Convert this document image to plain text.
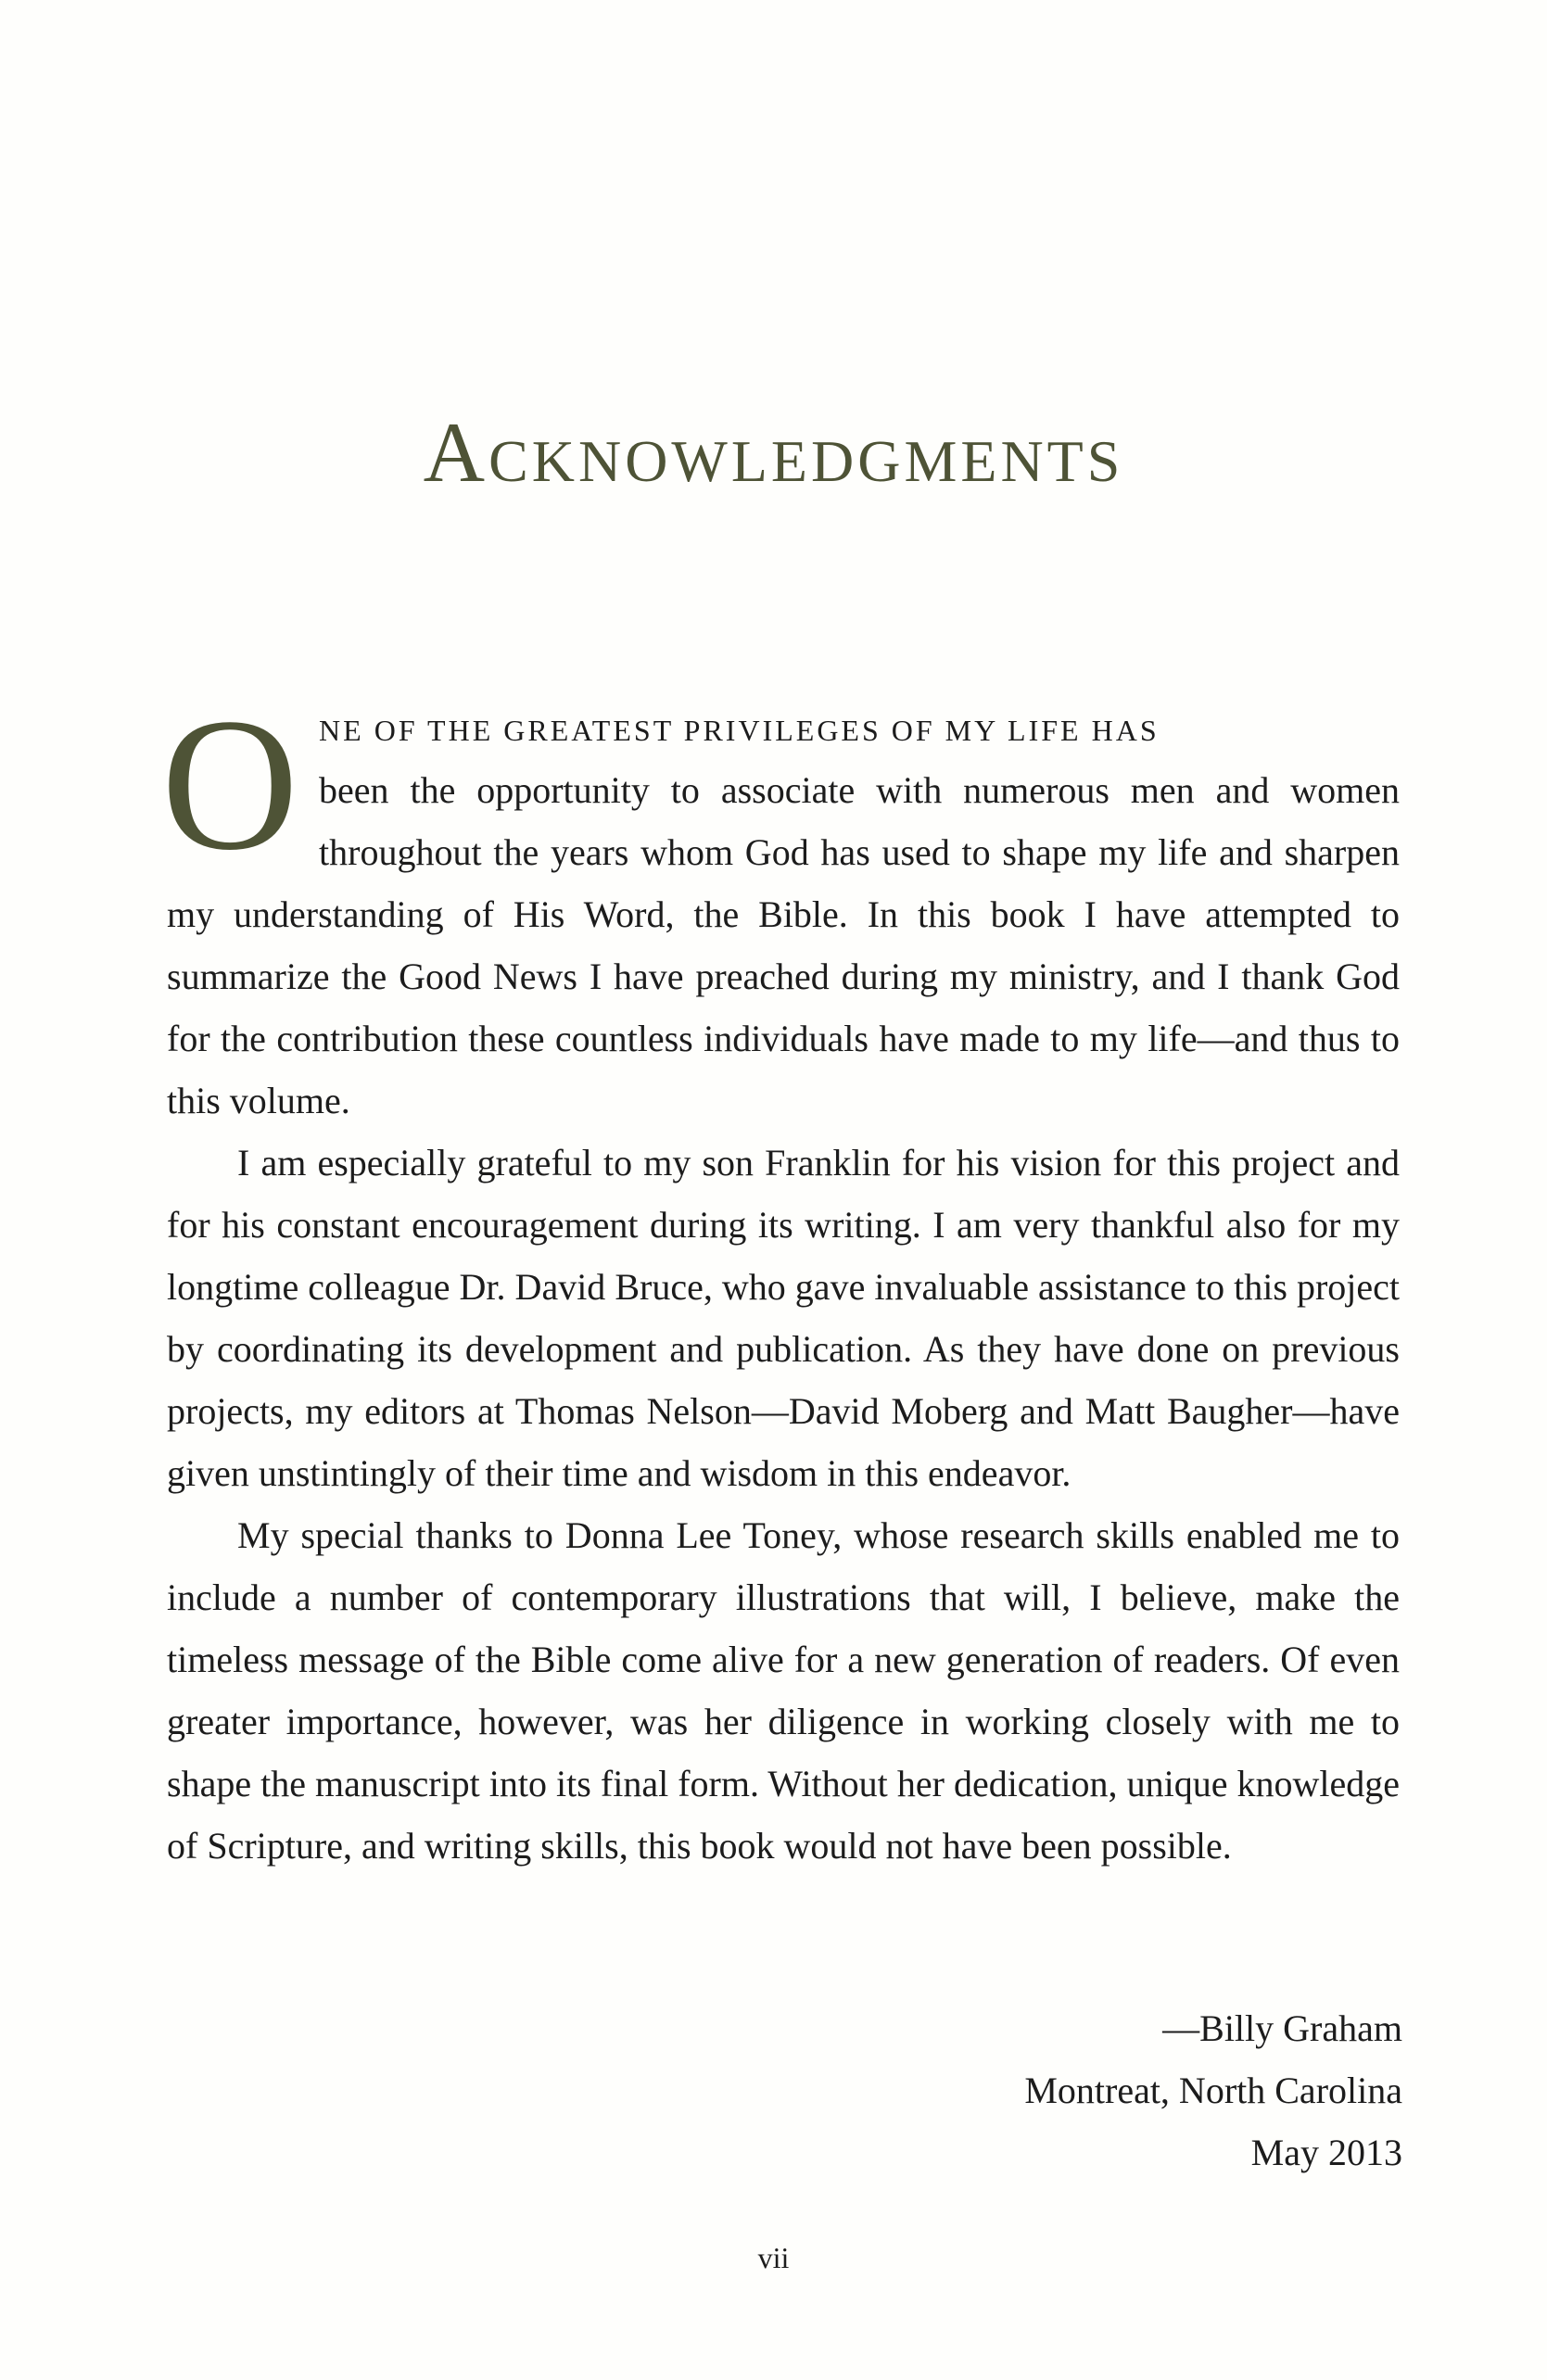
Acknowledgments
O NE OF THE GREATEST PRIVILEGES OF MY LIFE HAS

been the opportunity to associate with numerous men and women throughout the years whom God has used to shape my life and sharpen my understanding of His Word, the Bible. In this book I have attempted to summarize the Good News I have preached during my ministry, and I thank God for the contribution these countless individuals have made to my life—and thus to this volume.

I am especially grateful to my son Franklin for his vision for this project and for his constant encouragement during its writing. I am very thankful also for my longtime colleague Dr. David Bruce, who gave invaluable assistance to this project by coordinating its development and publication. As they have done on previous projects, my editors at Thomas Nelson—David Moberg and Matt Baugher—have given unstintingly of their time and wisdom in this endeavor.

My special thanks to Donna Lee Toney, whose research skills enabled me to include a number of contemporary illustrations that will, I believe, make the timeless message of the Bible come alive for a new generation of readers. Of even greater importance, however, was her diligence in working closely with me to shape the manuscript into its final form. Without her dedication, unique knowledge of Scripture, and writing skills, this book would not have been possible.

—Billy Graham
Montreat, North Carolina
May 2013
vii
